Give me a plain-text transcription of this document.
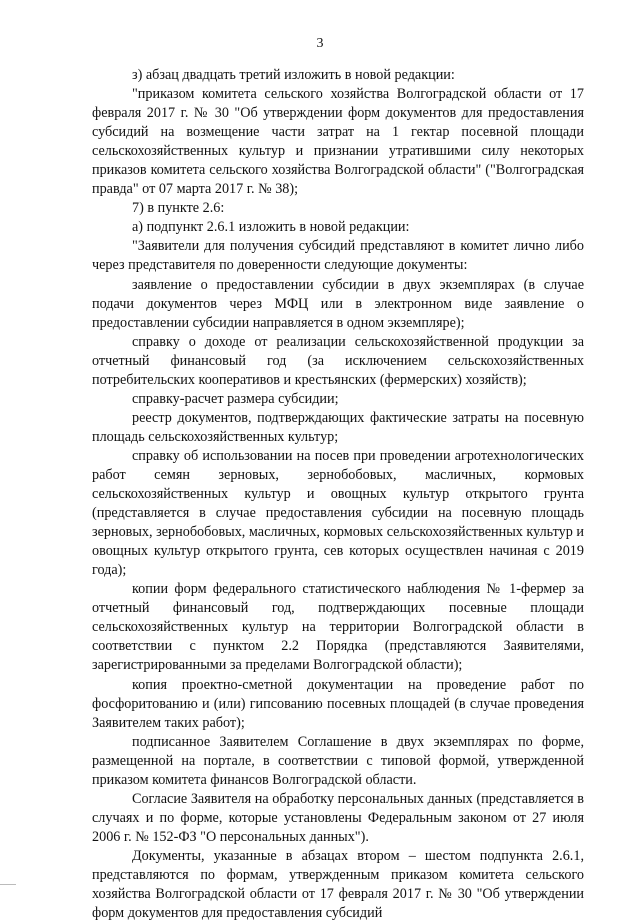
3

з) абзац двадцать третий изложить в новой редакции:

"приказом комитета сельского хозяйства Волгоградской области от 17 февраля 2017 г. № 30 "Об утверждении форм документов для предоставления субсидий на возмещение части затрат на 1 гектар посевной площади сельскохозяйственных культур и признании утратившими силу некоторых приказов комитета сельского хозяйства Волгоградской области" ("Волгоградская правда" от 07 марта 2017 г. № 38);

7) в пункте 2.6:

а) подпункт 2.6.1 изложить в новой редакции:

"Заявители для получения субсидий представляют в комитет лично либо через представителя по доверенности следующие документы:

заявление о предоставлении субсидии в двух экземплярах (в случае подачи документов через МФЦ или в электронном виде заявление о предоставлении субсидии направляется в одном экземпляре);

справку о доходе от реализации сельскохозяйственной продукции за отчетный финансовый год (за исключением сельскохозяйственных потребительских кооперативов и крестьянских (фермерских) хозяйств);

справку-расчет размера субсидии;

реестр документов, подтверждающих фактические затраты на посевную площадь сельскохозяйственных культур;

справку об использовании на посев при проведении агротехнологических работ семян зерновых, зернобобовых, масличных, кормовых сельскохозяйственных культур и овощных культур открытого грунта (представляется в случае предоставления субсидии на посевную площадь зерновых, зернобобовых, масличных, кормовых сельскохозяйственных культур и овощных культур открытого грунта, сев которых осуществлен начиная с 2019 года);

копии форм федерального статистического наблюдения № 1-фермер за отчетный финансовый год, подтверждающих посевные площади сельскохозяйственных культур на территории Волгоградской области в соответствии с пунктом 2.2 Порядка (представляются Заявителями, зарегистрированными за пределами Волгоградской области);

копия проектно-сметной документации на проведение работ по фосфоритованию и (или) гипсованию посевных площадей (в случае проведения Заявителем таких работ);

подписанное Заявителем Соглашение в двух экземплярах по форме, размещенной на портале, в соответствии с типовой формой, утвержденной приказом комитета финансов Волгоградской области.

Согласие Заявителя на обработку персональных данных (представляется в случаях и по форме, которые установлены Федеральным законом от 27 июля 2006 г. № 152-ФЗ "О персональных данных").

Документы, указанные в абзацах втором – шестом подпункта 2.6.1, представляются по формам, утвержденным приказом комитета сельского хозяйства Волгоградской области от 17 февраля 2017 г. № 30 "Об утверждении форм документов для предоставления субсидий
